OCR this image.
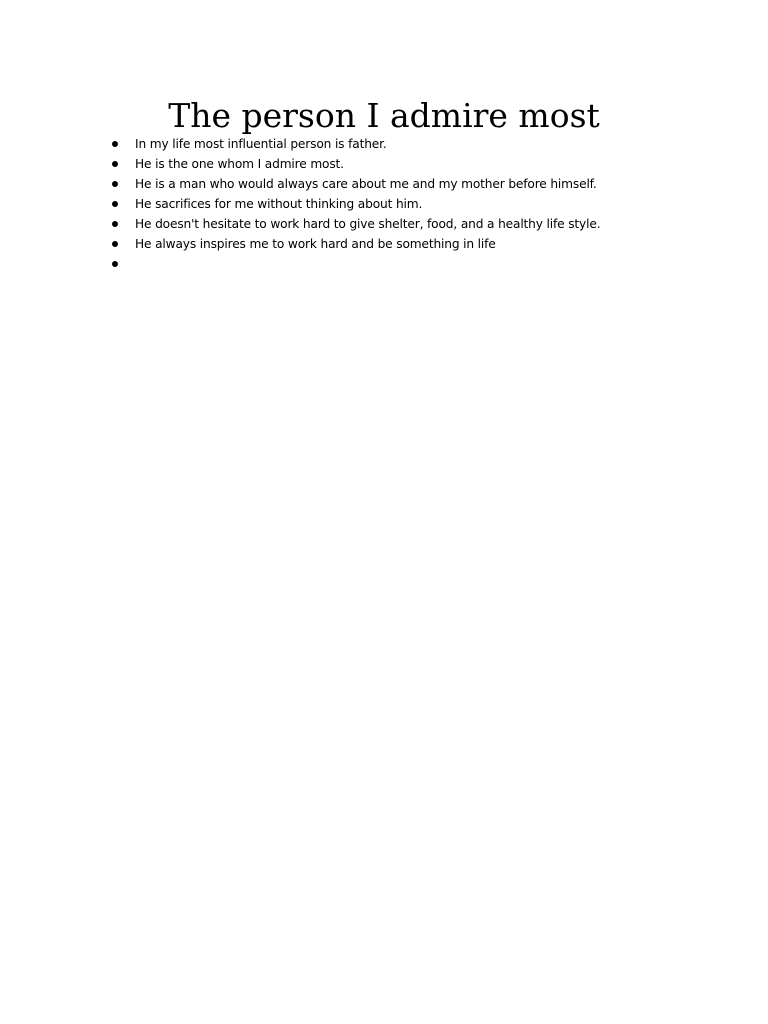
The person I admire most
In my life most influential person is father.
He is the one whom I admire most.
He is a man who would always care about me and my mother before himself.
He sacrifices for me without thinking about him.
He doesn't hesitate to work hard to give shelter, food, and a healthy life style.
He always inspires me to work hard and be something in life
